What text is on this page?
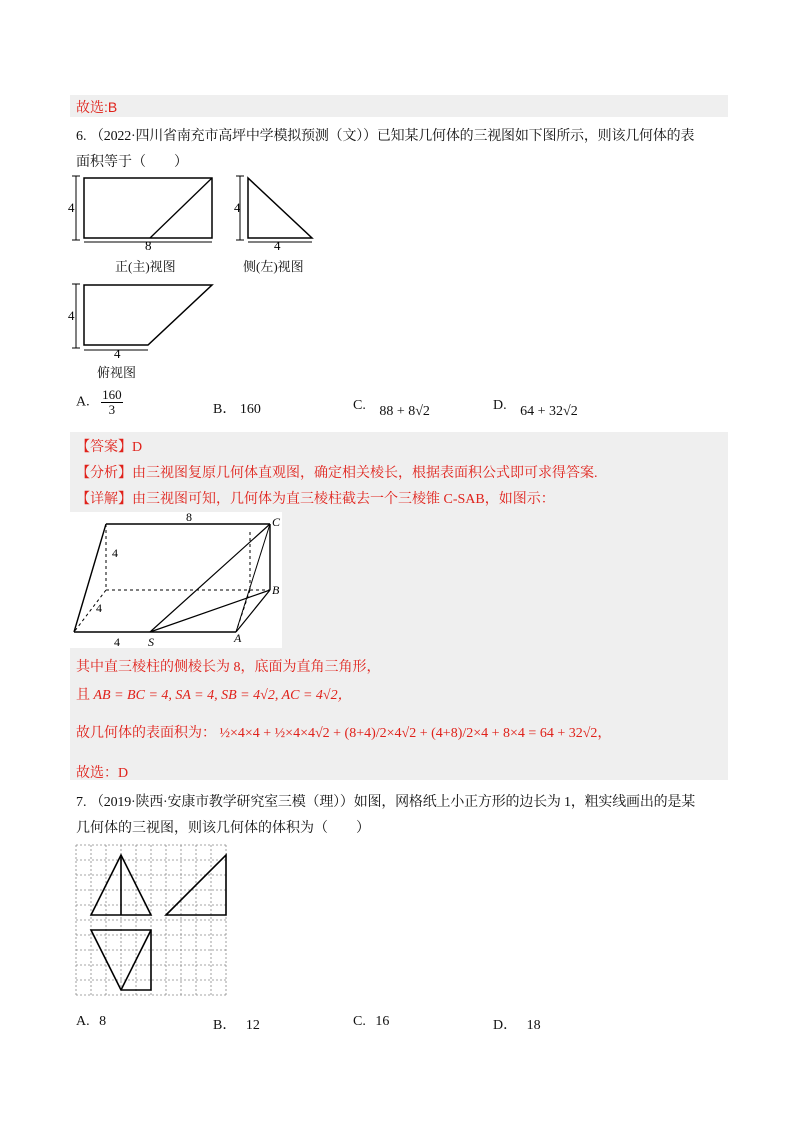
故选:B
6. （2022·四川省南充市高坪中学模拟预测（文））已知某几何体的三视图如下图所示，则该几何体的表
面积等于（　　）
4
8
正(主)视图
4
4
侧(左)视图
4
4
俯视图
A. $\frac{160}{3}$	B． 160	C. 88 + 8√2	D. 64 + 32√2
【答案】D
【分析】由三视图复原几何体直观图，确定相关棱长，根据表面积公式即可求得答案.
【详解】由三视图可知，几何体为直三棱柱截去一个三棱锥 C-SAB，如图示：
8
4
4
4
C
B
S	A
其中直三棱柱的侧棱长为 8，底面为直角三角形，
且 AB = BC = 4, SA = 4, SB = 4√2, AC = 4√2，
故几何体的表面积为： ½×4×4 + ½×4×4√2 + (8+4)/2×4√2 + (4+8)/2×4 + 8×4 = 64 + 32√2，
故选：D
7. （2019·陕西·安康市教学研究室三模（理））如图，网格纸上小正方形的边长为 1，粗实线画出的是某
几何体的三视图，则该几何体的体积为（　　）
A. 8	B． 12	C. 16	D． 18
